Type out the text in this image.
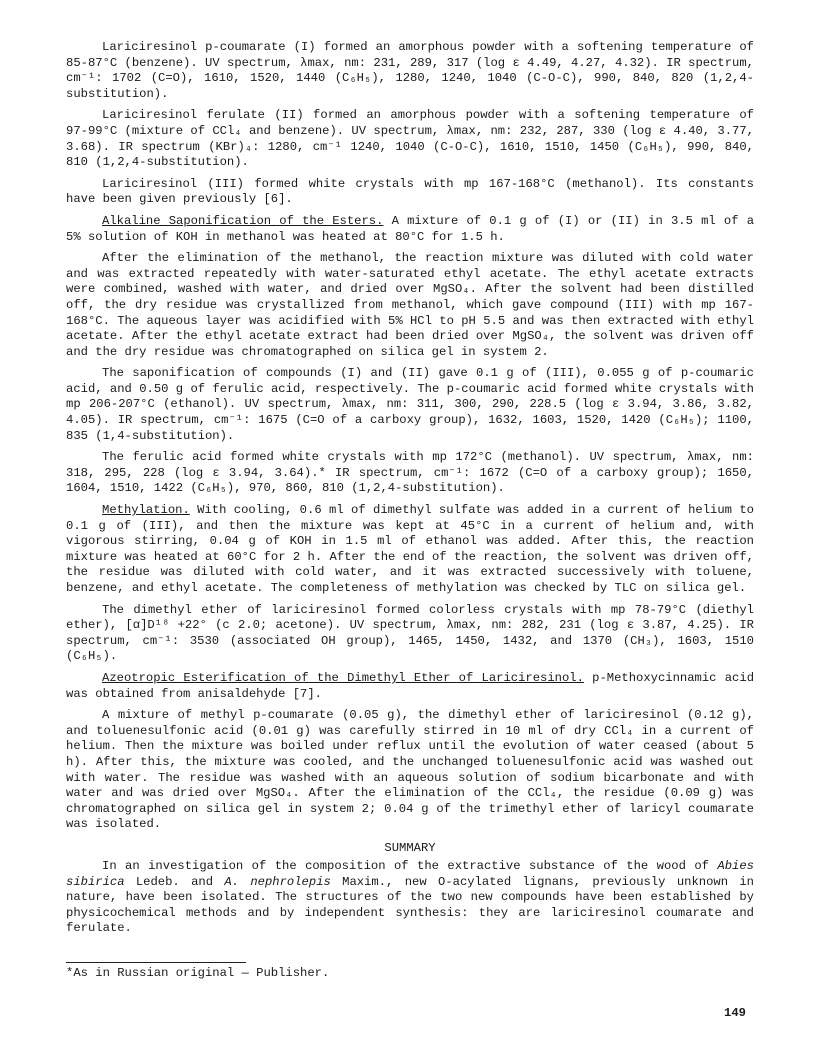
Lariciresinol p-coumarate (I) formed an amorphous powder with a softening temperature of 85-87°C (benzene). UV spectrum, λmax, nm: 231, 289, 317 (log ε 4.49, 4.27, 4.32). IR spectrum, cm⁻¹: 1702 (C=O), 1610, 1520, 1440 (C₆H₅), 1280, 1240, 1040 (C-O-C), 990, 840, 820 (1,2,4-substitution).

Lariciresinol ferulate (II) formed an amorphous powder with a softening temperature of 97-99°C (mixture of CCl₄ and benzene). UV spectrum, λmax, nm: 232, 287, 330 (log ε 4.40, 3.77, 3.68). IR spectrum (KBr)₄: 1280, cm⁻¹ 1240, 1040 (C-O-C), 1610, 1510, 1450 (C₆H₅), 990, 840, 810 (1,2,4-substitution).

Lariciresinol (III) formed white crystals with mp 167-168°C (methanol). Its constants have been given previously [6].

Alkaline Saponification of the Esters. A mixture of 0.1 g of (I) or (II) in 3.5 ml of a 5% solution of KOH in methanol was heated at 80°C for 1.5 h.

After the elimination of the methanol, the reaction mixture was diluted with cold water and was extracted repeatedly with water-saturated ethyl acetate. The ethyl acetate extracts were combined, washed with water, and dried over MgSO₄. After the solvent had been distilled off, the dry residue was crystallized from methanol, which gave compound (III) with mp 167-168°C. The aqueous layer was acidified with 5% HCl to pH 5.5 and was then extracted with ethyl acetate. After the ethyl acetate extract had been dried over MgSO₄, the solvent was driven off and the dry residue was chromatographed on silica gel in system 2.

The saponification of compounds (I) and (II) gave 0.1 g of (III), 0.055 g of p-coumaric acid, and 0.50 g of ferulic acid, respectively. The p-coumaric acid formed white crystals with mp 206-207°C (ethanol). UV spectrum, λmax, nm: 311, 300, 290, 228.5 (log ε 3.94, 3.86, 3.82, 4.05). IR spectrum, cm⁻¹: 1675 (C=O of a carboxy group), 1632, 1603, 1520, 1420 (C₆H₅); 1100, 835 (1,4-substitution).

The ferulic acid formed white crystals with mp 172°C (methanol). UV spectrum, λmax, nm: 318, 295, 228 (log ε 3.94, 3.64).* IR spectrum, cm⁻¹: 1672 (C=O of a carboxy group); 1650, 1604, 1510, 1422 (C₆H₅), 970, 860, 810 (1,2,4-substitution).

Methylation. With cooling, 0.6 ml of dimethyl sulfate was added in a current of helium to 0.1 g of (III), and then the mixture was kept at 45°C in a current of helium and, with vigorous stirring, 0.04 g of KOH in 1.5 ml of ethanol was added. After this, the reaction mixture was heated at 60°C for 2 h. After the end of the reaction, the solvent was driven off, the residue was diluted with cold water, and it was extracted successively with toluene, benzene, and ethyl acetate. The completeness of methylation was checked by TLC on silica gel.

The dimethyl ether of lariciresinol formed colorless crystals with mp 78-79°C (diethyl ether), [α]D¹⁸ +22° (c 2.0; acetone). UV spectrum, λmax, nm: 282, 231 (log ε 3.87, 4.25). IR spectrum, cm⁻¹: 3530 (associated OH group), 1465, 1450, 1432, and 1370 (CH₃), 1603, 1510 (C₆H₅).

Azeotropic Esterification of the Dimethyl Ether of Lariciresinol. p-Methoxycinnamic acid was obtained from anisaldehyde [7].

A mixture of methyl p-coumarate (0.05 g), the dimethyl ether of lariciresinol (0.12 g), and toluenesulfonic acid (0.01 g) was carefully stirred in 10 ml of dry CCl₄ in a current of helium. Then the mixture was boiled under reflux until the evolution of water ceased (about 5 h). After this, the mixture was cooled, and the unchanged toluenesulfonic acid was washed out with water. The residue was washed with an aqueous solution of sodium bicarbonate and with water and was dried over MgSO₄. After the elimination of the CCl₄, the residue (0.09 g) was chromatographed on silica gel in system 2; 0.04 g of the trimethyl ether of laricyl coumarate was isolated.

SUMMARY

In an investigation of the composition of the extractive substance of the wood of Abies sibirica Ledeb. and A. nephrolepis Maxim., new O-acylated lignans, previously unknown in nature, have been isolated. The structures of the two new compounds have been established by physicochemical methods and by independent synthesis: they are lariciresinol coumarate and ferulate.

*As in Russian original — Publisher.
149
